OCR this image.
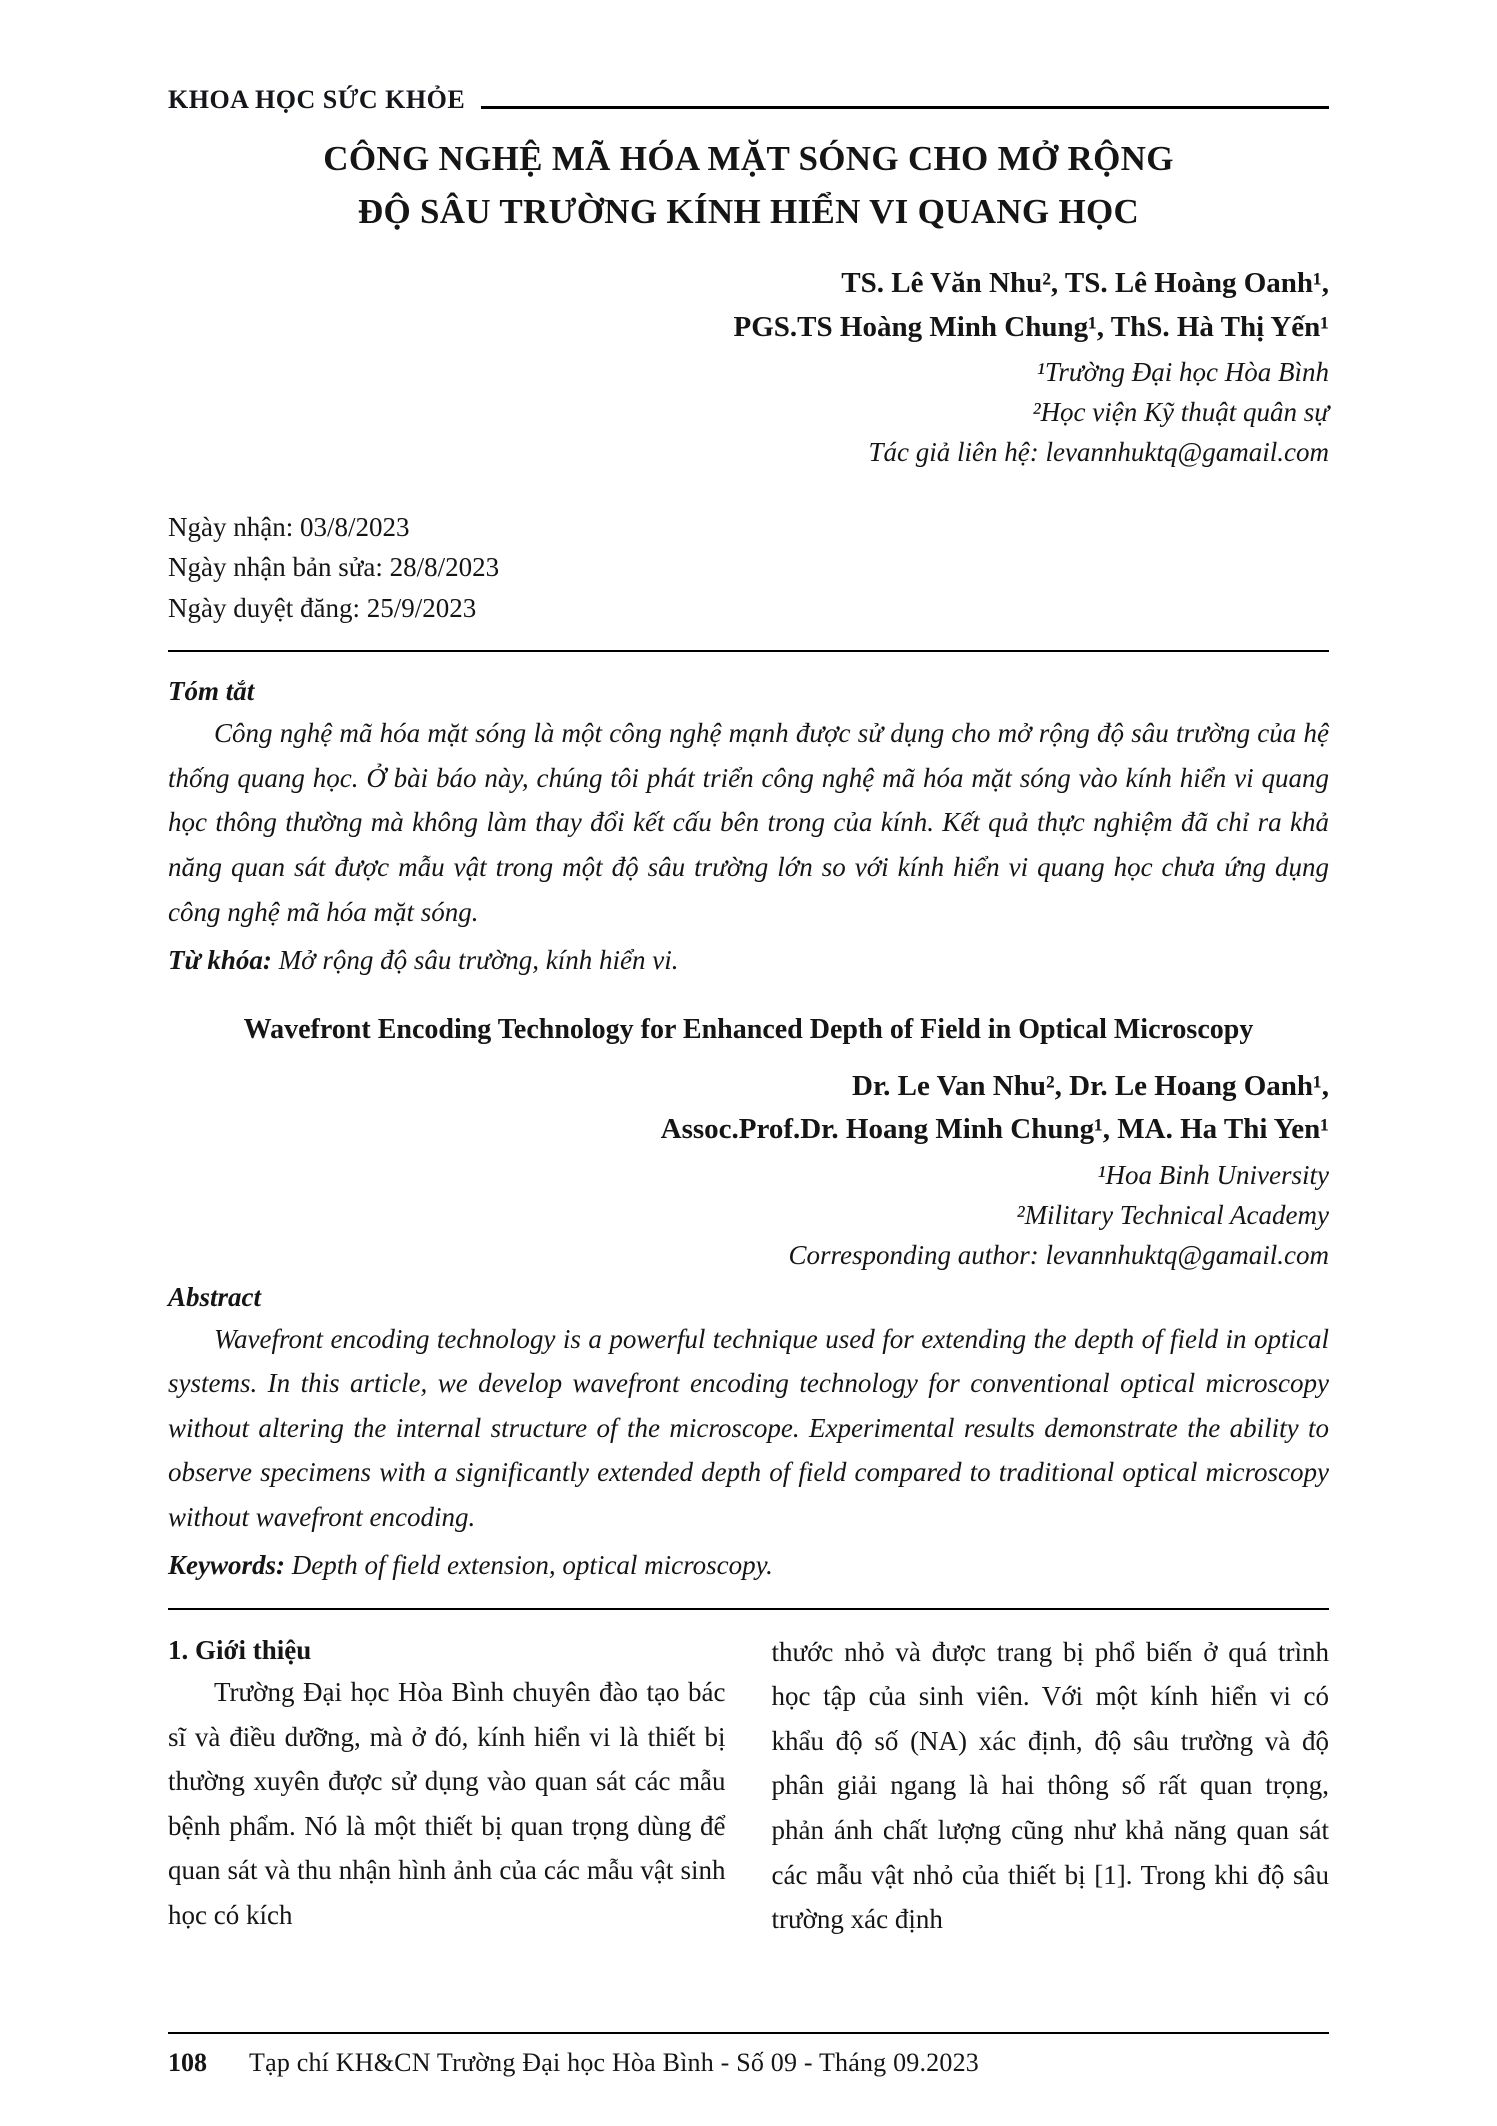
KHOA HỌC SỨC KHỎE
CÔNG NGHỆ MÃ HÓA MẶT SÓNG CHO MỞ RỘNG
ĐỘ SÂU TRƯỜNG KÍNH HIỂN VI QUANG HỌC
TS. Lê Văn Nhu², TS. Lê Hoàng Oanh¹,
PGS.TS Hoàng Minh Chung¹, ThS. Hà Thị Yến¹
¹Trường Đại học Hòa Bình
²Học viện Kỹ thuật quân sự
Tác giả liên hệ: levannhuktq@gamail.com
Ngày nhận: 03/8/2023
Ngày nhận bản sửa: 28/8/2023
Ngày duyệt đăng: 25/9/2023
Tóm tắt

Công nghệ mã hóa mặt sóng là một công nghệ mạnh được sử dụng cho mở rộng độ sâu trường của hệ thống quang học. Ở bài báo này, chúng tôi phát triển công nghệ mã hóa mặt sóng vào kính hiển vi quang học thông thường mà không làm thay đổi kết cấu bên trong của kính. Kết quả thực nghiệm đã chỉ ra khả năng quan sát được mẫu vật trong một độ sâu trường lớn so với kính hiển vi quang học chưa ứng dụng công nghệ mã hóa mặt sóng.

Từ khóa: Mở rộng độ sâu trường, kính hiển vi.

Wavefront Encoding Technology for Enhanced Depth of Field in Optical Microscopy
Dr. Le Van Nhu², Dr. Le Hoang Oanh¹,
Assoc.Prof.Dr. Hoang Minh Chung¹, MA. Ha Thi Yen¹
¹Hoa Binh University
²Military Technical Academy
Corresponding author: levannhuktq@gamail.com
Abstract

Wavefront encoding technology is a powerful technique used for extending the depth of field in optical systems. In this article, we develop wavefront encoding technology for conventional optical microscopy without altering the internal structure of the microscope. Experimental results demonstrate the ability to observe specimens with a significantly extended depth of field compared to traditional optical microscopy without wavefront encoding.

Keywords: Depth of field extension, optical microscopy.

1. Giới thiệu

Trường Đại học Hòa Bình chuyên đào tạo bác sĩ và điều dưỡng, mà ở đó, kính hiển vi là thiết bị thường xuyên được sử dụng vào quan sát các mẫu bệnh phẩm. Nó là một thiết bị quan trọng dùng để quan sát và thu nhận hình ảnh của các mẫu vật sinh học có kích

thước nhỏ và được trang bị phổ biến ở quá trình học tập của sinh viên. Với một kính hiển vi có khẩu độ số (NA) xác định, độ sâu trường và độ phân giải ngang là hai thông số rất quan trọng, phản ánh chất lượng cũng như khả năng quan sát các mẫu vật nhỏ của thiết bị [1]. Trong khi độ sâu trường xác định

108 Tạp chí KH&CN Trường Đại học Hòa Bình - Số 09 - Tháng 09.2023
